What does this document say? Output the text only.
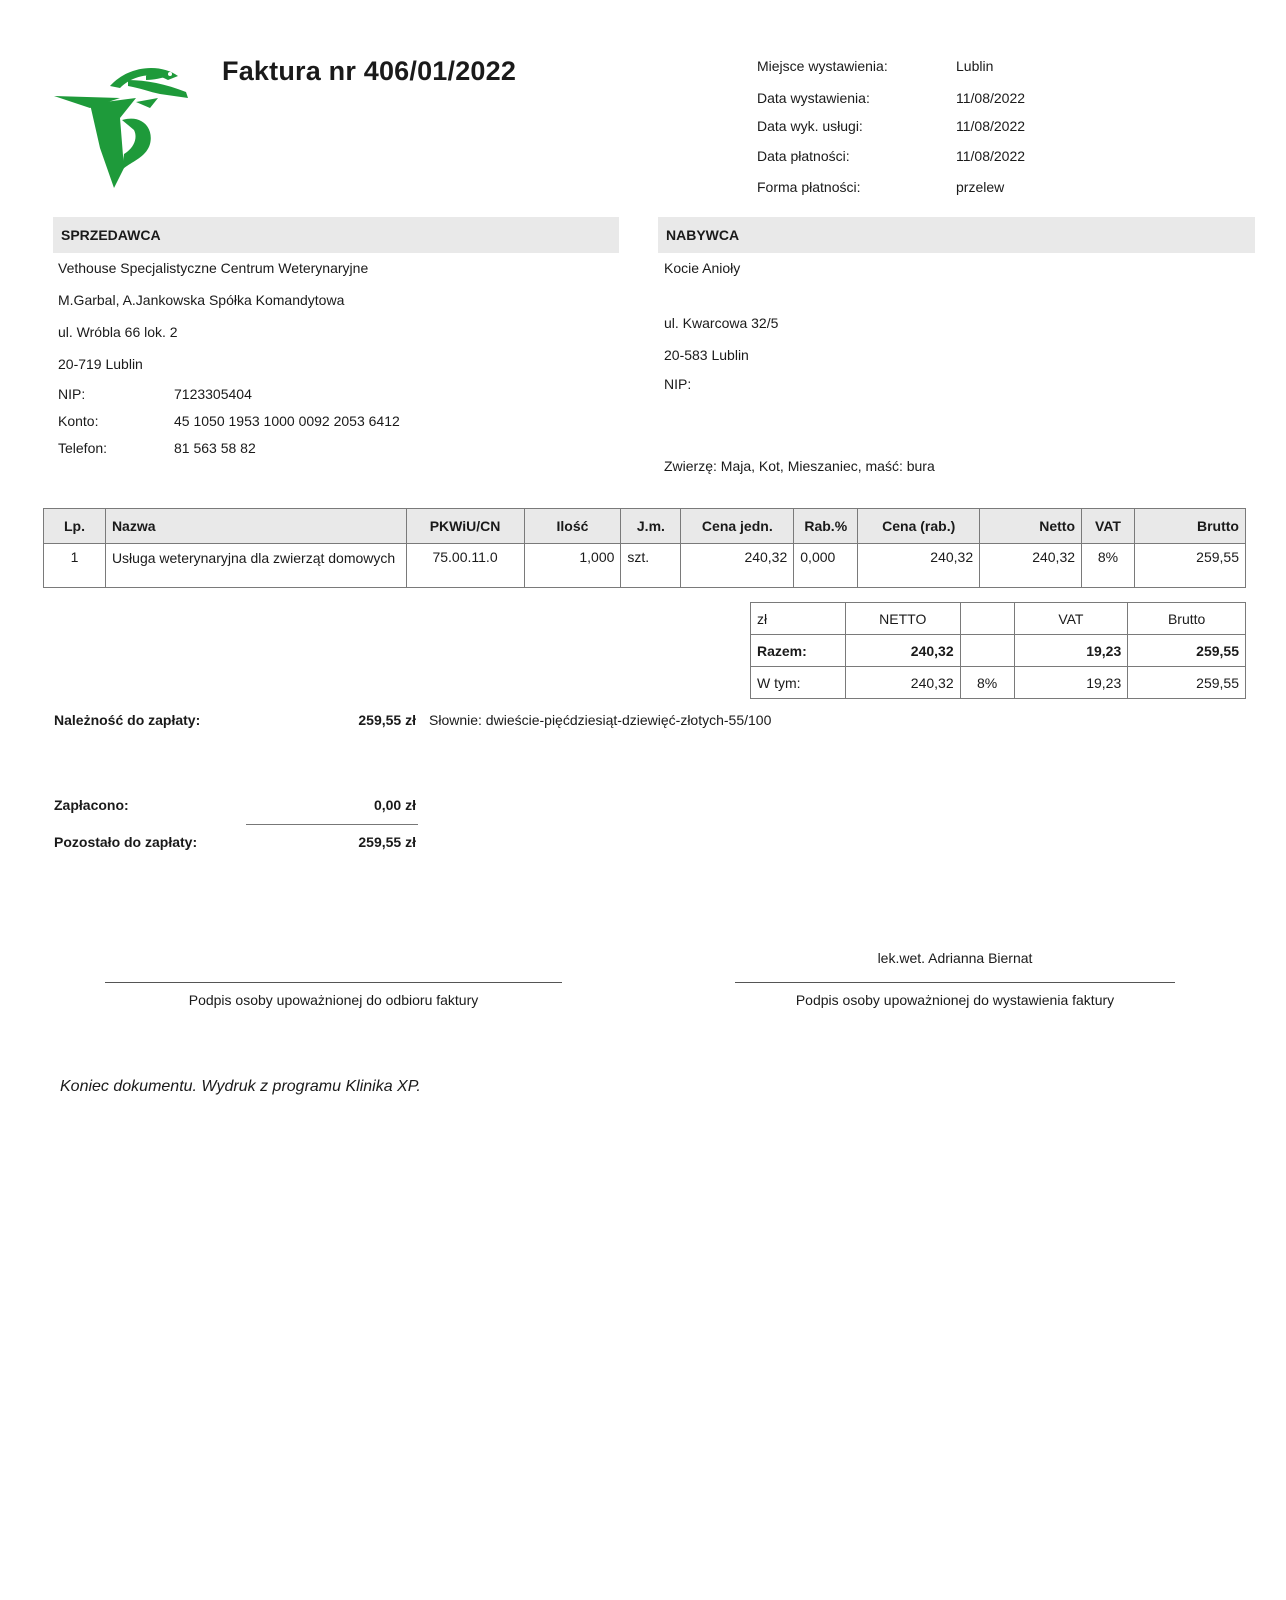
Faktura nr 406/01/2022	Miejsce wystawienia:	Lublin
Data wystawienia:	11/08/2022
Data wyk. usługi:	11/08/2022
Data płatności:	11/08/2022
Forma płatności:	przelew
SPRZEDAWCA
Vethouse Specjalistyczne Centrum Weterynaryjne
M.Garbal, A.Jankowska Spółka Komandytowa
ul. Wróbla 66 lok. 2
20-719 Lublin
NIP:	7123305404
Konto:	45 1050 1953 1000 0092 2053 6412
Telefon:	81 563 58 82
NABYWCA
Kocie Anioły
ul. Kwarcowa 32/5
20-583 Lublin
NIP:
Zwierzę: Maja, Kot, Mieszaniec, maść: bura
Lp.	Nazwa	PKWiU/CN	Ilość	J.m.	Cena jedn.	Rab.%	Cena (rab.)	Netto	VAT	Brutto
1	Usługa weterynaryjna dla zwierząt domowych	75.00.11.0	1,000	szt.	240,32	0,000	240,32	240,32	8%	259,55
zł	NETTO		VAT	Brutto
Razem:	240,32		19,23	259,55
W tym:	240,32	8%	19,23	259,55
Należność do zapłaty:	259,55 zł Słownie: dwieście-pięćdziesiąt-dziewięć-złotych-55/100
Zapłacono:	0,00 zł
Pozostało do zapłaty:	259,55 zł
lek.wet. Adrianna Biernat
Podpis osoby upoważnionej do odbioru faktury	Podpis osoby upoważnionej do wystawienia faktury
Koniec dokumentu. Wydruk z programu Klinika XP.
